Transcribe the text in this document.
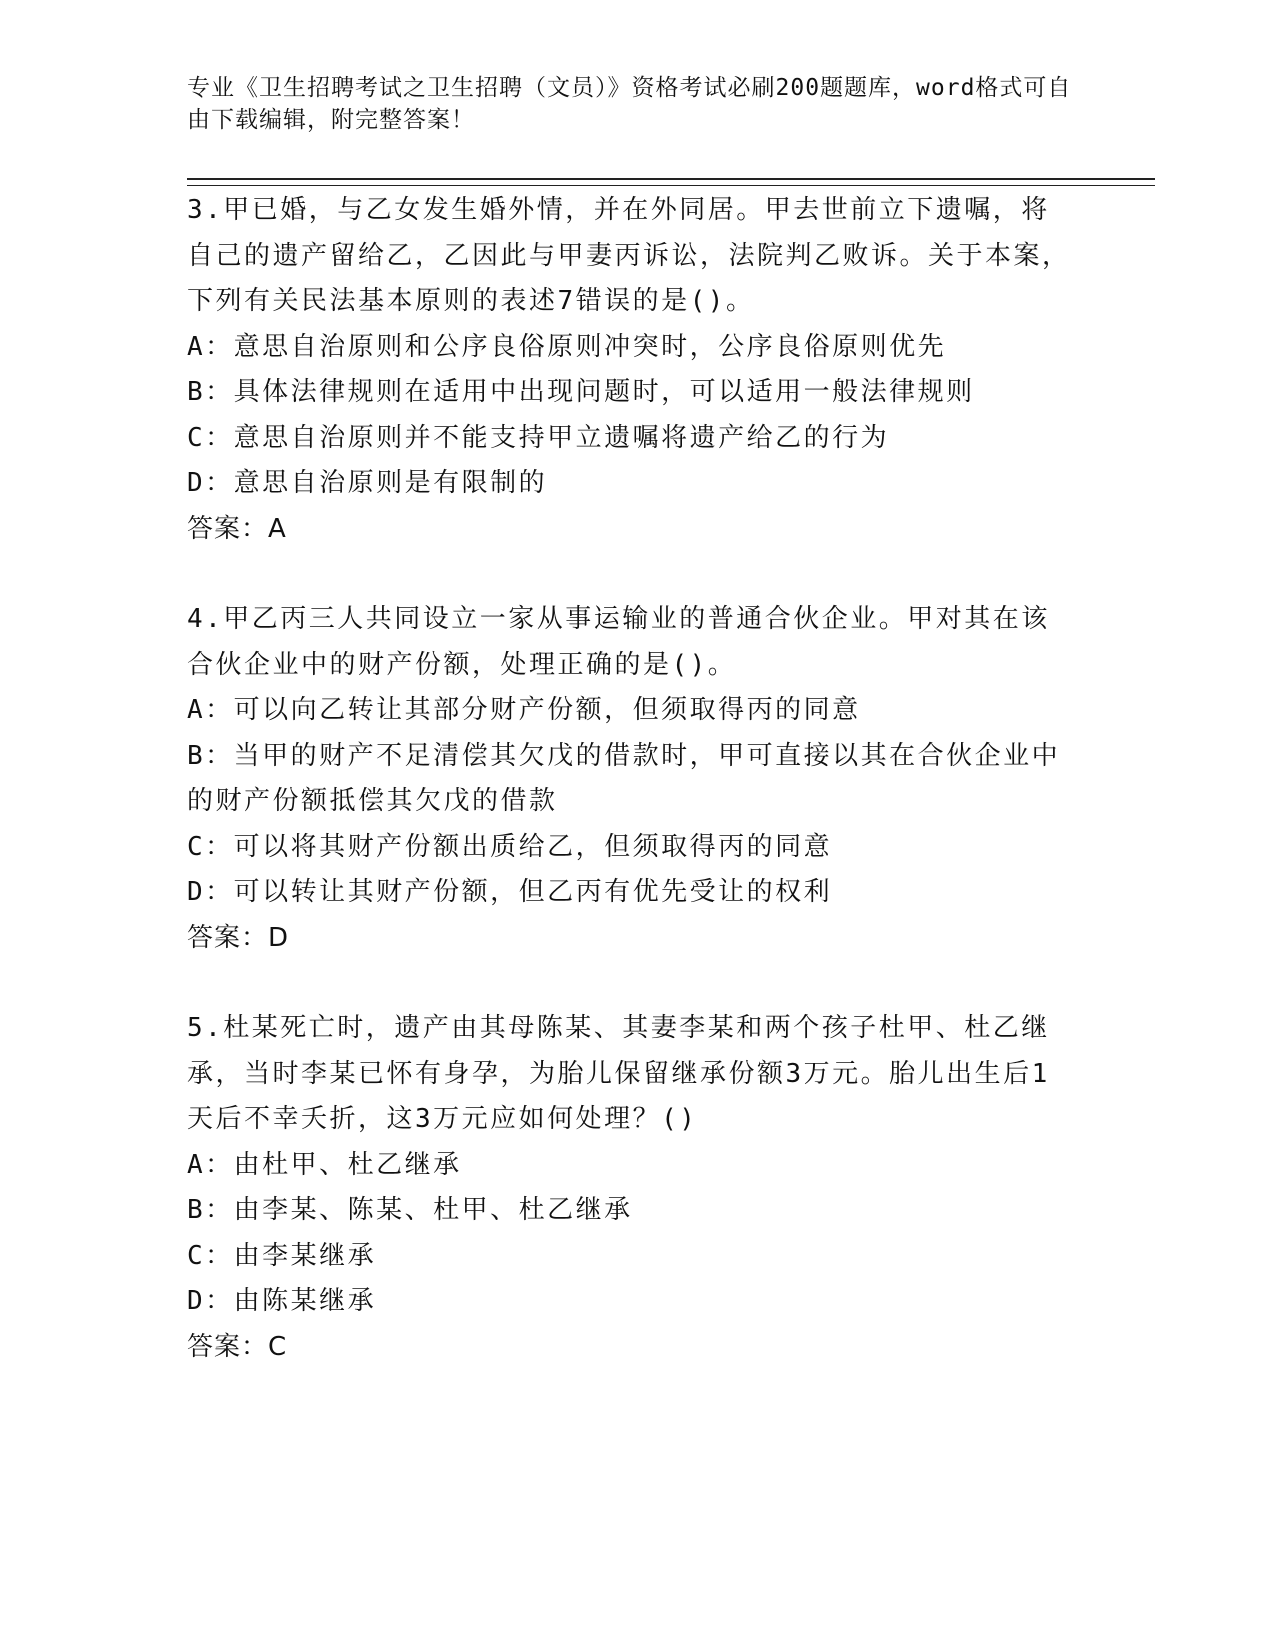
专业《卫生招聘考试之卫生招聘（文员）》资格考试必刷200题题库，word格式可自由下载编辑，附完整答案！

3.甲已婚，与乙女发生婚外情，并在外同居。甲去世前立下遗嘱，将自己的遗产留给乙，乙因此与甲妻丙诉讼，法院判乙败诉。关于本案，下列有关民法基本原则的表述7错误的是()。

A：意思自治原则和公序良俗原则冲突时，公序良俗原则优先

B：具体法律规则在适用中出现问题时，可以适用一般法律规则

C：意思自治原则并不能支持甲立遗嘱将遗产给乙的行为

D：意思自治原则是有限制的

答案：A

4.甲乙丙三人共同设立一家从事运输业的普通合伙企业。甲对其在该合伙企业中的财产份额，处理正确的是()。

A：可以向乙转让其部分财产份额，但须取得丙的同意

B：当甲的财产不足清偿其欠戊的借款时，甲可直接以其在合伙企业中的财产份额抵偿其欠戊的借款

C：可以将其财产份额出质给乙，但须取得丙的同意

D：可以转让其财产份额，但乙丙有优先受让的权利

答案：D

5.杜某死亡时，遗产由其母陈某、其妻李某和两个孩子杜甲、杜乙继承，当时李某已怀有身孕，为胎儿保留继承份额3万元。胎儿出生后1天后不幸夭折，这3万元应如何处理？()

A：由杜甲、杜乙继承

B：由李某、陈某、杜甲、杜乙继承

C：由李某继承

D：由陈某继承

答案：C
